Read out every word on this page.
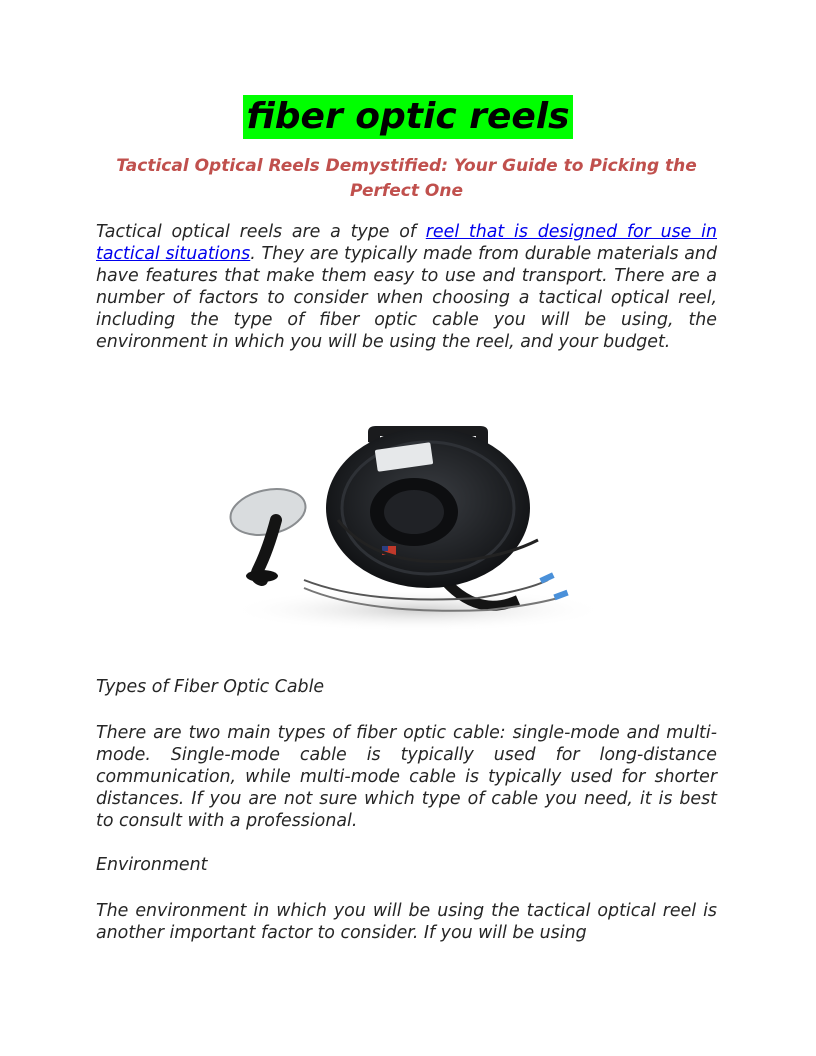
fiber optic reels
Tactical Optical Reels Demystified: Your Guide to Picking the Perfect One
Tactical optical reels are a type of reel that is designed for use in tactical situations. They are typically made from durable materials and have features that make them easy to use and transport. There are a number of factors to consider when choosing a tactical optical reel, including the type of fiber optic cable you will be using, the environment in which you will be using the reel, and your budget.
Types of Fiber Optic Cable
There are two main types of fiber optic cable: single-mode and multi-mode. Single-mode cable is typically used for long-distance communication, while multi-mode cable is typically used for shorter distances. If you are not sure which type of cable you need, it is best to consult with a professional.
Environment
The environment in which you will be using the tactical optical reel is another important factor to consider. If you will be using
